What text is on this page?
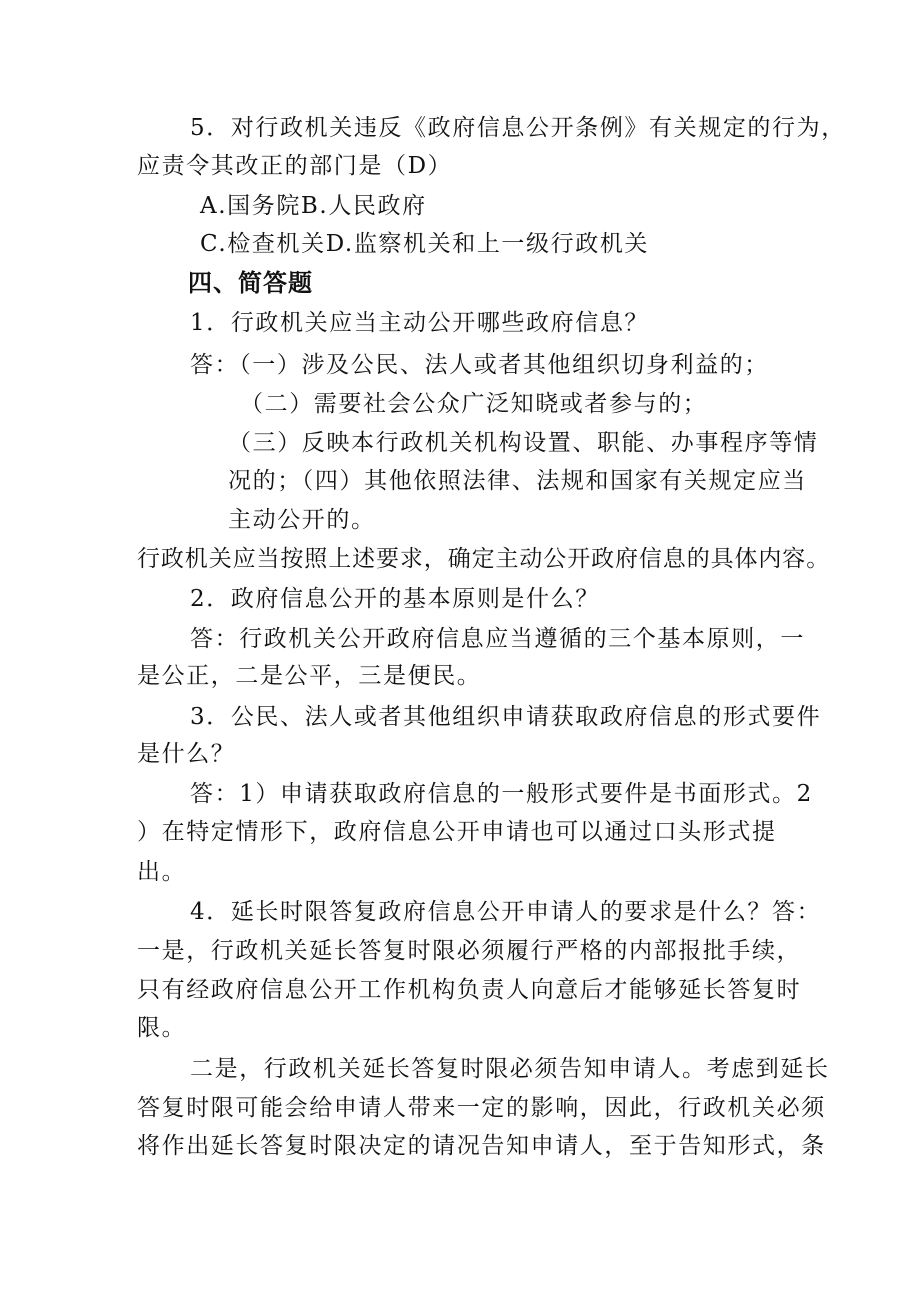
5．对行政机关违反《政府信息公开条例》有关规定的行为，
应责令其改正的部门是（D）
A.国务院B.人民政府
C.检查机关D.监察机关和上一级行政机关
四、简答题
1．行政机关应当主动公开哪些政府信息？
答：（一）涉及公民、法人或者其他组织切身利益的；
（二）需要社会公众广泛知晓或者参与的；
（三）反映本行政机关机构设置、职能、办事程序等情
况的；（四）其他依照法律、法规和国家有关规定应当
主动公开的。
行政机关应当按照上述要求，确定主动公开政府信息的具体内容。
2．政府信息公开的基本原则是什么？
答：行政机关公开政府信息应当遵循的三个基本原则，一
是公正，二是公平，三是便民。
3．公民、法人或者其他组织申请获取政府信息的形式要件
是什么？
答：1）申请获取政府信息的一般形式要件是书面形式。2
）在特定情形下，政府信息公开申请也可以通过口头形式提
出。
4．延长时限答复政府信息公开申请人的要求是什么？答：
一是，行政机关延长答复时限必须履行严格的内部报批手续，
只有经政府信息公开工作机构负责人向意后才能够延长答复时
限。
二是，行政机关延长答复时限必须告知申请人。考虑到延长
答复时限可能会给申请人带来一定的影响，因此，行政机关必须
将作出延长答复时限决定的请况告知申请人，至于告知形式，条
